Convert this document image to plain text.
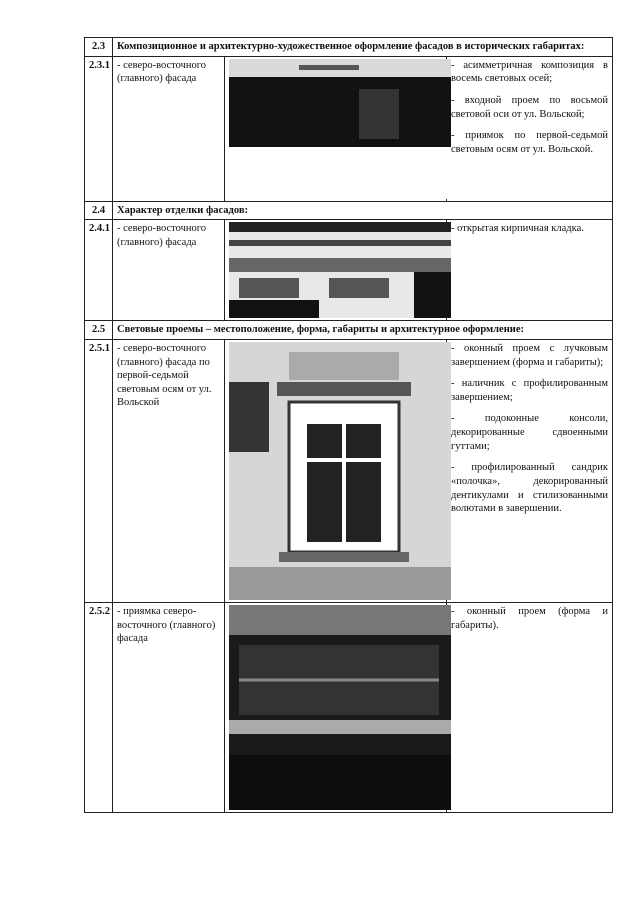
2.3	Композиционное и архитектурно-художественное оформление фасадов в исторических габаритах:		
2.3.1	- северо-восточного (главного) фасада		- асимметричная композиция в восемь световых осей;

- входной проем по восьмой световой оси от ул. Вольской;

- приямок по первой-седьмой световым осям от ул. Вольской.

2.4	Характер отделки фасадов:		
2.4.1	- северо-восточного (главного) фасада		- открытая кирпичная кладка.

2.5	Световые проемы – местоположение, форма, габариты и архитектурное оформление:		
2.5.1	- северо-восточного (главного) фасада по первой-седьмой световым осям от ул. Вольской		- оконный проем с лучковым завершением (форма и габариты);

- наличник с профилированным завершением;

- подоконные консоли, декорированные сдвоенными гуттами;

- профилированный сандрик «полочка», декорированный дентикулами и стилизованными волютами в завершении.

2.5.2	- приямка северо-восточного (главного) фасада		- оконный проем (форма и габариты).
